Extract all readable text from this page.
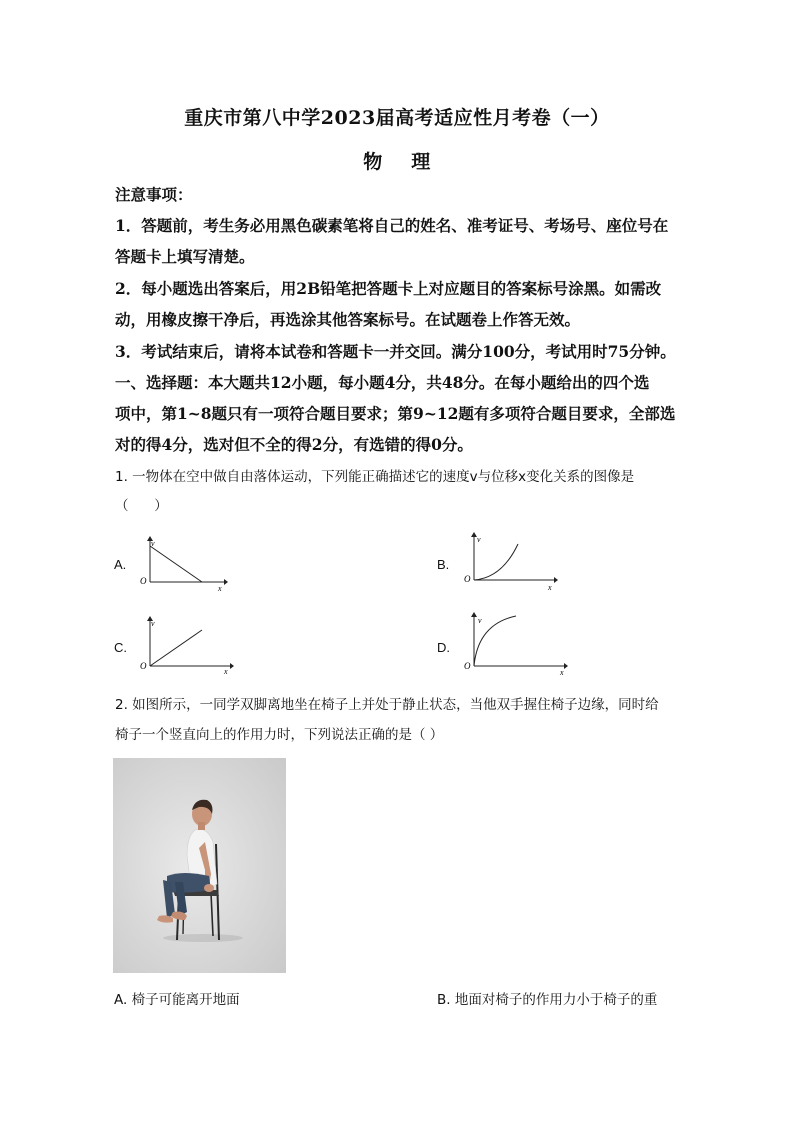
重庆市第八中学2023届高考适应性月考卷（一）
物    理
注意事项：
1．答题前，考生务必用黑色碳素笔将自己的姓名、准考证号、考场号、座位号在
答题卡上填写清楚。
2．每小题选出答案后，用2B铅笔把答题卡上对应题目的答案标号涂黑。如需改
动，用橡皮擦干净后，再选涂其他答案标号。在试题卷上作答无效。
3．考试结束后，请将本试卷和答题卡一并交回。满分100分，考试用时75分钟。
一、选择题：本大题共12小题，每小题4分，共48分。在每小题给出的四个选
项中，第1~8题只有一项符合题目要求；第9~12题有多项符合题目要求，全部选
对的得4分，选对但不全的得2分，有选错的得0分。
1. 一物体在空中做自由落体运动，下列能正确描述它的速度v与位移x变化关系的图像是
（      ）
A.
v
O
x
B.
v
O
x
C.
v
O
x
D.
v
O
x
2. 如图所示，一同学双脚离地坐在椅子上并处于静止状态，当他双手握住椅子边缘，同时给
椅子一个竖直向上的作用力时，下列说法正确的是（ ）
A. 椅子可能离开地面	B. 地面对椅子的作用力小于椅子的重
